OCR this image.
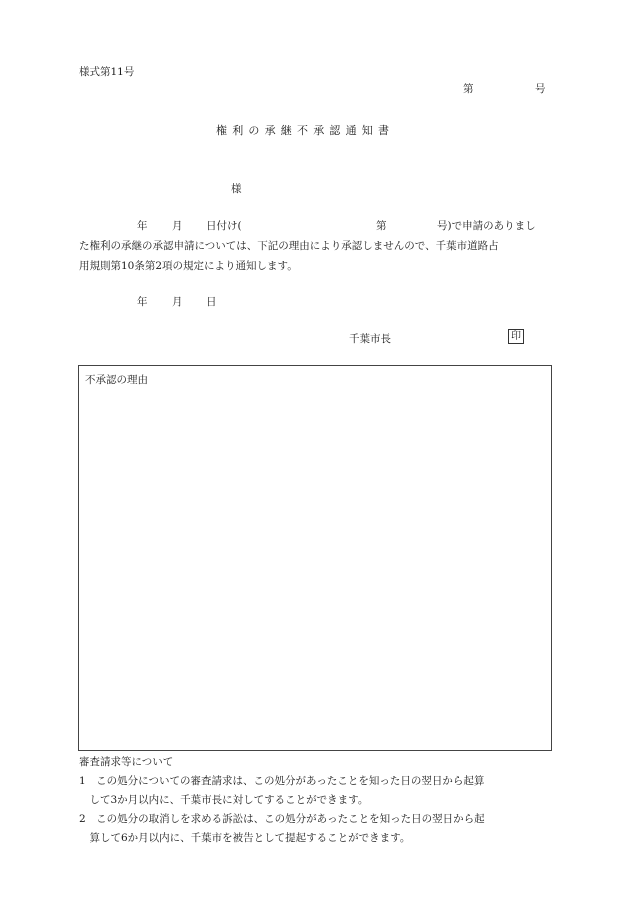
様式第11号
第	号
権利の承継不承認通知書
様
年 月 日付け(	第	号)で申請のありまし
た権利の承継の承認申請については、下記の理由により承認しませんので、千葉市道路占
用規則第10条第2項の規定により通知します。
年 月 日
千葉市長	印
不承認の理由
審査請求等について
1　この処分についての審査請求は、この処分があったことを知った日の翌日から起算
　して3か月以内に、千葉市長に対してすることができます。
2　この処分の取消しを求める訴訟は、この処分があったことを知った日の翌日から起
　算して6か月以内に、千葉市を被告として提起することができます。
